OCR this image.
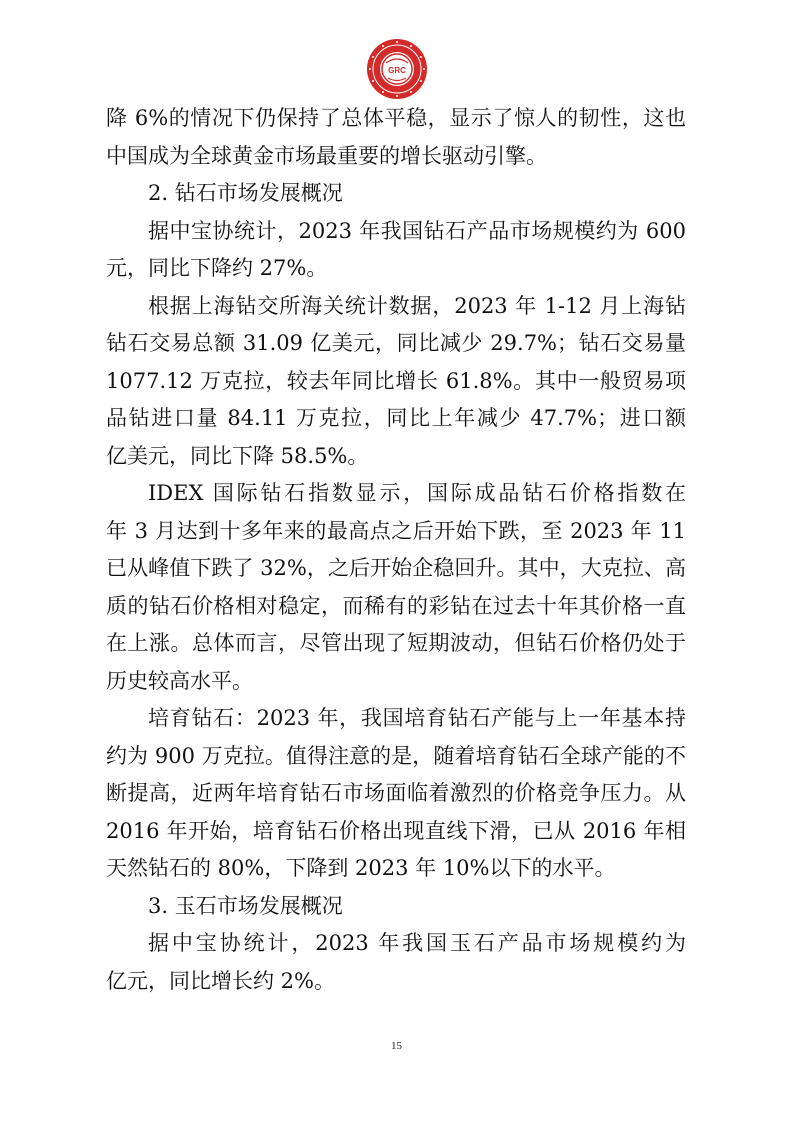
GRC
降 6%的情况下仍保持了总体平稳，显示了惊人的韧性，这也
中国成为全球黄金市场最重要的增长驱动引擎。
2. 钻石市场发展概况
据中宝协统计，2023 年我国钻石产品市场规模约为 600
元，同比下降约 27%。
根据上海钻交所海关统计数据，2023 年 1-12 月上海钻
钻石交易总额 31.09 亿美元，同比减少 29.7%；钻石交易量
1077.12 万克拉，较去年同比增长 61.8%。其中一般贸易项
品钻进口量 84.11 万克拉，同比上年减少 47.7%；进口额
亿美元，同比下降 58.5%。
IDEX 国际钻石指数显示，国际成品钻石价格指数在
年 3 月达到十多年来的最高点之后开始下跌，至 2023 年 11
已从峰值下跌了 32%，之后开始企稳回升。其中，大克拉、高
质的钻石价格相对稳定，而稀有的彩钻在过去十年其价格一直
在上涨。总体而言，尽管出现了短期波动，但钻石价格仍处于
历史较高水平。
培育钻石：2023 年，我国培育钻石产能与上一年基本持
约为 900 万克拉。值得注意的是，随着培育钻石全球产能的不
断提高，近两年培育钻石市场面临着激烈的价格竞争压力。从
2016 年开始，培育钻石价格出现直线下滑，已从 2016 年相
天然钻石的 80%，下降到 2023 年 10%以下的水平。
3. 玉石市场发展概况
据中宝协统计，2023 年我国玉石产品市场规模约为
亿元，同比增长约 2%。
15
